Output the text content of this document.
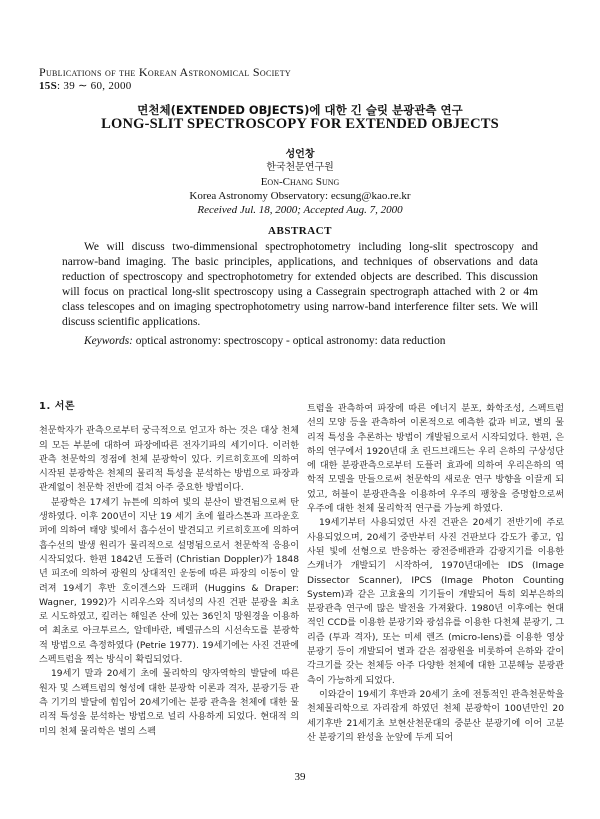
Publications of the Korean Astronomical Society
15S: 39 ∼ 60, 2000
면천체(EXTENDED OBJECTS)에 대한 긴 슬릿 분광관측 연구
LONG-SLIT SPECTROSCOPY FOR EXTENDED OBJECTS
성언창
한국천문연구원
Eon-Chang Sung
Korea Astronomy Observatory: ecsung@kao.re.kr
Received Jul. 18, 2000; Accepted Aug. 7, 2000
ABSTRACT

We will discuss two-dimmensional spectrophotometry including long-slit spectroscopy and narrow-band imaging. The basic principles, applications, and techniques of observations and data reduction of spectroscopy and spectrophotometry for extended objects are described. This discussion will focus on practical long-slit spectroscopy using a Cassegrain spectrograph attached with 2 or 4m class telescopes and on imaging spectrophotometry using narrow-band interference filter sets. We will discuss scientific applications.

Keywords: optical astronomy: spectroscopy - optical astronomy: data reduction
1. 서론

천문학자가 관측으로부터 궁극적으로 얻고자 하는 것은 대상 천체의 모든 부분에 대하여 파장에따른 전자기파의 세기이다. 이러한 관측 천문학의 정점에 천체 분광학이 있다. 키르히호프에 의하여 시작된 분광학은 천체의 물리적 특성을 분석하는 방법으로 파장과 관계없이 천문학 전반에 걸쳐 아주 중요한 방법이다.

분광학은 17세기 뉴튼에 의하여 빛의 분산이 발견됨으로써 탄생하였다. 이후 200년이 지난 19 세기 초에 월라스톤과 프라운호퍼에 의하여 태양 빛에서 흡수선이 발견되고 키르히호프에 의하여 흡수선의 발생 원리가 물리적으로 설명됨으로서 천문학적 응용이 시작되었다. 한편 1842년 도플러 (Christian Doppler)가 1848년 피조에 의하여 광원의 상대적인 운동에 따른 파장의 이동이 알려져 19세기 후반 호이겐스와 드래퍼 (Huggins & Draper: Wagner, 1992)가 시리우스와 직녀성의 사진 건판 분광을 최초로 시도하였고, 킬러는 해일존 산에 있는 36인치 망원경을 이용하여 최초로 아크투르스, 알데바란, 베텔규스의 시선속도를 분광학적 방법으로 측정하였다 (Petrie 1977). 19세기에는 사진 건판에 스펙트럼을 찍는 방식이 확립되었다.

19세기 말과 20세기 초에 물리학의 양자역학의 발달에 따른 원자 및 스펙트럼의 형성에 대한 분광학 이론과 격자, 분광기등 관측 기기의 발달에 힘입어 20세기에는 분광 관측을 천체에 대한 물리적 특성을 분석하는 방법으로 널리 사용하게 되었다. 현대적 의미의 천체 물리학은 별의 스펙

트럼을 관측하여 파장에 따른 에너지 분포, 화학조성, 스펙트럼 선의 모양 등을 관측하여 이론적으로 예측한 값과 비교, 별의 물리적 특성을 추론하는 방법이 개발됨으로서 시작되었다. 한편, 은하의 연구에서 1920년대 초 린드브래드는 우리 은하의 구상성단에 대한 분광관측으로부터 도플러 효과에 의하여 우리은하의 역학적 모델을 만들으로써 천문학의 새로운 연구 방향을 이끌게 되었고, 허블이 분광관측을 이용하여 우주의 팽창을 증명함으로써 우주에 대한 천체 물리학적 연구를 가능케 하였다.

19세기부터 사용되었던 사진 건판은 20세기 전반기에 주로 사용되었으며, 20세기 중반부터 사진 건판보다 감도가 좋고, 입사된 빛에 선형으로 반응하는 광전증배관과 감광지기를 이용한 스캐너가 개발되기 시작하여, 1970년대에는 IDS (Image Dissector Scanner), IPCS (Image Photon Counting System)과 같은 고효율의 기기들이 개발되어 특히 외부은하의 분광관측 연구에 많은 발전을 가져왔다. 1980년 이후에는 현대적인 CCD를 이용한 분광기와 광섬유를 이용한 다천체 분광기, 그리즘 (투과 격자), 또는 미세 렌즈 (micro-lens)를 이용한 영상 분광기 등이 개발되어 별과 같은 점광원을 비롯하여 은하와 같이 각크기를 갖는 천체등 아주 다양한 천체에 대한 고분해능 분광관측이 가능하게 되었다.

이와같이 19세기 후반과 20세기 초에 전통적인 관측천문학을 천체물리학으로 자리잡게 하였던 천체 분광학이 100년만인 20세기후반 21세기초 보현산천문대의 중분산 분광기에 이어 고분산 분광기의 완성을 눈앞에 두게 되어

39
